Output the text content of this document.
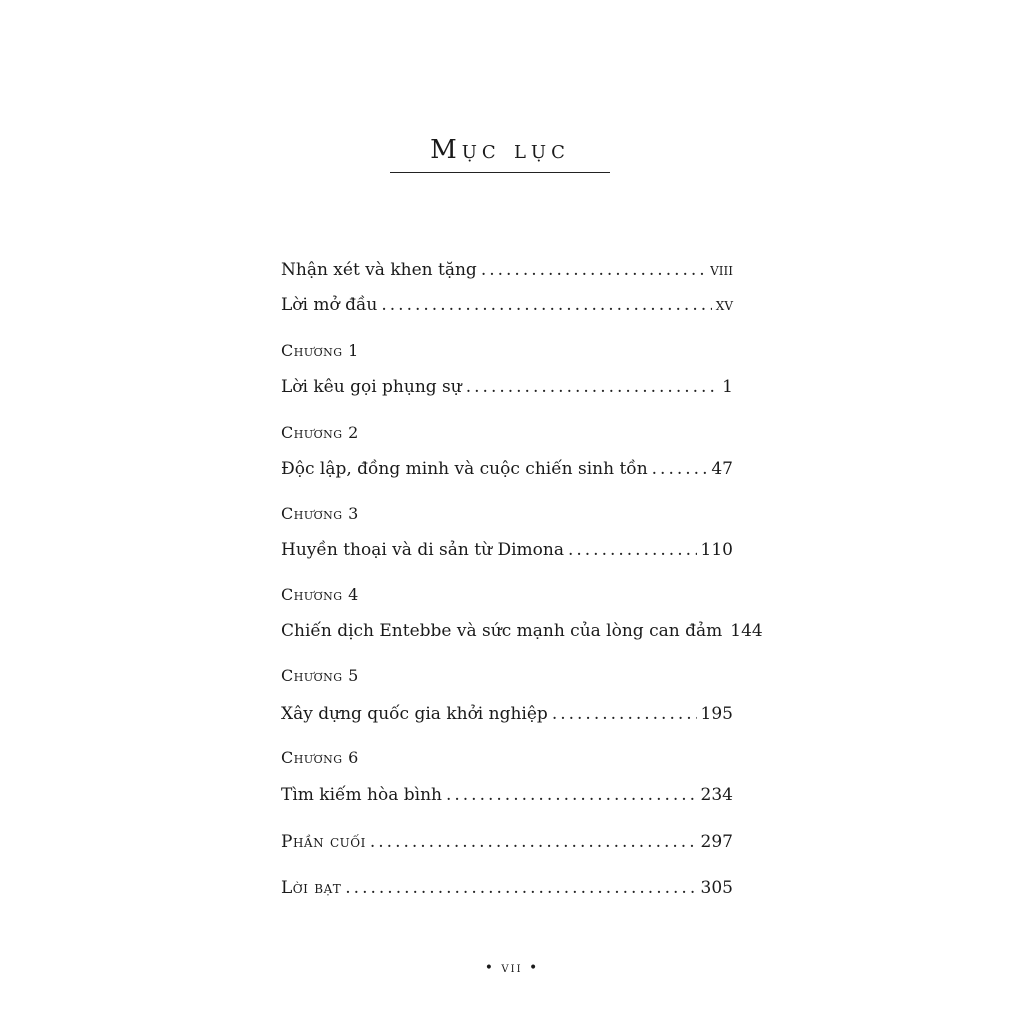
Mục lục
Nhận xét và khen tặng .....	viii
Lời mở đầu .....	xv
Chương 1
Lời kêu gọi phụng sự .....	1
Chương 2
Độc lập, đồng minh và cuộc chiến sinh tồn .....	47
Chương 3
Huyền thoại và di sản từ Dimona .....	110
Chương 4
Chiến dịch Entebbe và sức mạnh của lòng can đảm 144
Chương 5
Xây dựng quốc gia khởi nghiệp .....	195
Chương 6
Tìm kiếm hòa bình .....	234
Phần cuối .....	297
Lời bạt .....	305
• vii •
